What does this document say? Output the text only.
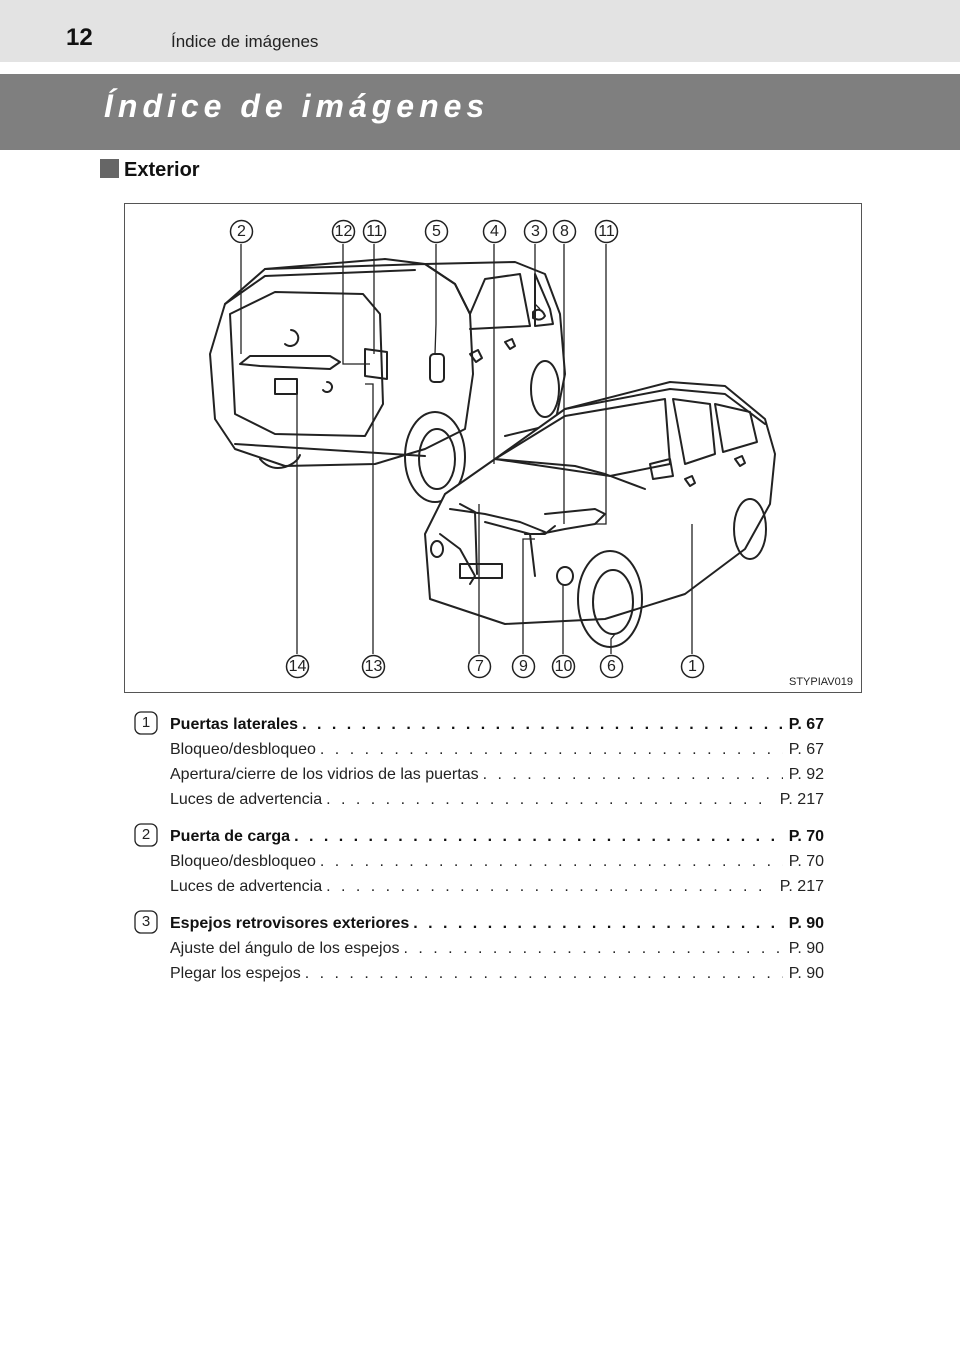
12	Índice de imágenes
Índice de imágenes
Exterior
2	12 11	5	4	3	8	11
14	13	7	9	10	6	1
STYPIAV019
1	Puertas laterales . . .	P. 67
Bloqueo/desbloqueo . . .	P. 67
Apertura/cierre de los vidrios de las puertas . . .	P. 92
Luces de advertencia . . .	P. 217
2	Puerta de carga . . .	P. 70
Bloqueo/desbloqueo . . .	P. 70
Luces de advertencia . . .	P. 217
3	Espejos retrovisores exteriores . . .	P. 90
Ajuste del ángulo de los espejos . . .	P. 90
Plegar los espejos . . .	P. 90
